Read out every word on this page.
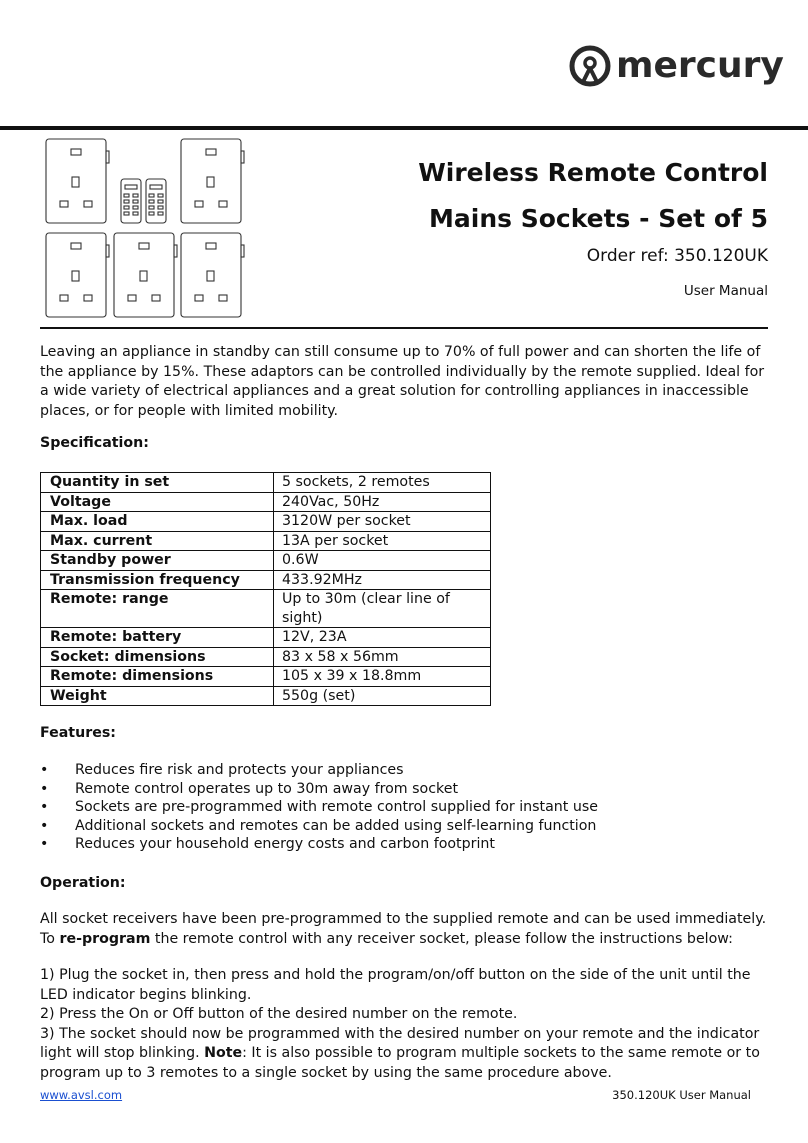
mercury
Wireless Remote Control
Mains Sockets - Set of 5
Order ref: 350.120UK
User Manual
Leaving an appliance in standby can still consume up to 70% of full power and can shorten the life of the appliance by 15%. These adaptors can be controlled individually by the remote supplied. Ideal for a wide variety of electrical appliances and a great solution for controlling appliances in inaccessible places, or for people with limited mobility.
Specification:
Quantity in set	5 sockets, 2 remotes
Voltage	240Vac, 50Hz
Max. load	3120W per socket
Max. current	13A per socket
Standby power	0.6W
Transmission frequency	433.92MHz
Remote: range	Up to 30m (clear line of sight)
Remote: battery	12V, 23A
Socket: dimensions	83 x 58 x 56mm
Remote: dimensions	105 x 39 x 18.8mm
Weight	550g (set)
Features:
• Reduces fire risk and protects your appliances
• Remote control operates up to 30m away from socket
• Sockets are pre-programmed with remote control supplied for instant use
• Additional sockets and remotes can be added using self-learning function
• Reduces your household energy costs and carbon footprint
Operation:
All socket receivers have been pre-programmed to the supplied remote and can be used immediately. To re-program the remote control with any receiver socket, please follow the instructions below:
1) Plug the socket in, then press and hold the program/on/off button on the side of the unit until the LED indicator begins blinking.
2) Press the On or Off button of the desired number on the remote.
3) The socket should now be programmed with the desired number on your remote and the indicator light will stop blinking. Note: It is also possible to program multiple sockets to the same remote or to program up to 3 remotes to a single socket by using the same procedure above.
www.avsl.com	350.120UK User Manual
